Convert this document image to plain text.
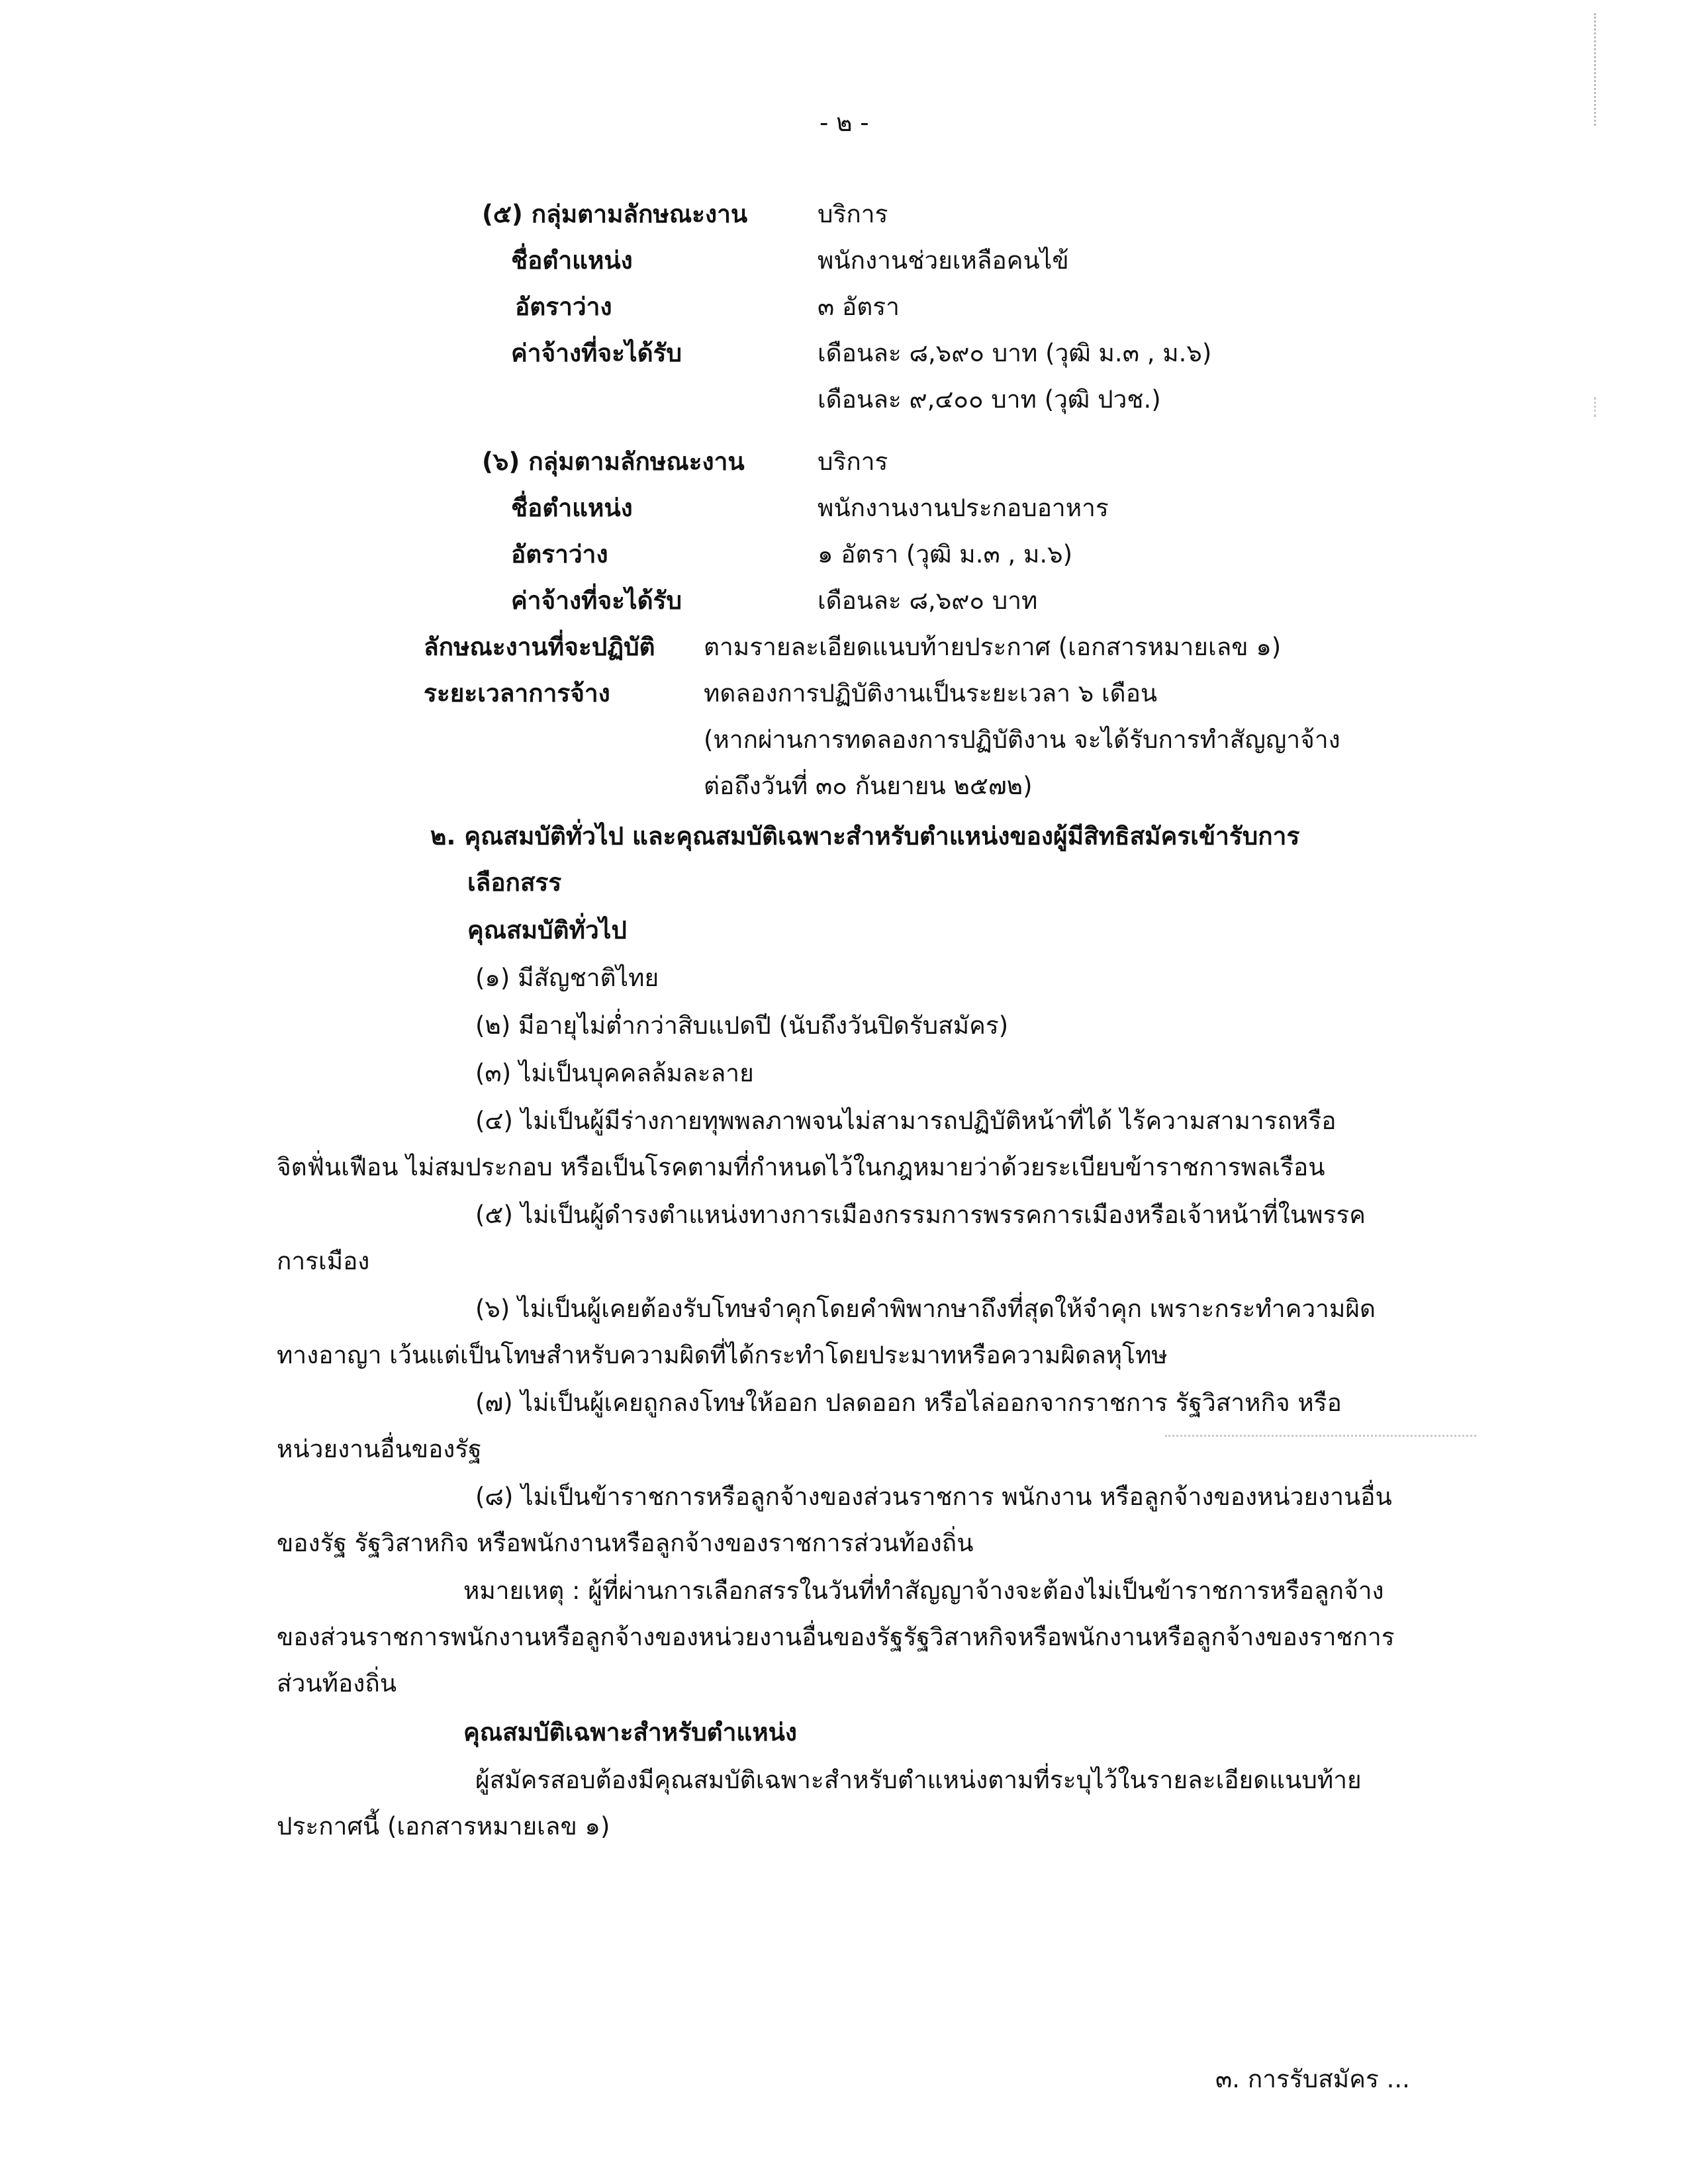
- ๒ -
(๕) กลุ่มตามลักษณะงาน	บริการ
ชื่อตำแหน่ง	พนักงานช่วยเหลือคนไข้
อัตราว่าง	๓ อัตรา
ค่าจ้างที่จะได้รับ	เดือนละ ๘,๖๙๐ บาท (วุฒิ ม.๓ , ม.๖)
เดือนละ ๙,๔๐๐ บาท (วุฒิ ปวช.)
(๖) กลุ่มตามลักษณะงาน	บริการ
ชื่อตำแหน่ง	พนักงานงานประกอบอาหาร
อัตราว่าง	๑ อัตรา (วุฒิ ม.๓ , ม.๖)
ค่าจ้างที่จะได้รับ	เดือนละ ๘,๖๙๐ บาท
ลักษณะงานที่จะปฏิบัติ ตามรายละเอียดแนบท้ายประกาศ (เอกสารหมายเลข ๑)
ระยะเวลาการจ้าง	ทดลองการปฏิบัติงานเป็นระยะเวลา ๖ เดือน
(หากผ่านการทดลองการปฏิบัติงาน จะได้รับการทำสัญญาจ้าง
ต่อถึงวันที่ ๓๐ กันยายน ๒๕๗๒)
๒. คุณสมบัติทั่วไป และคุณสมบัติเฉพาะสำหรับตำแหน่งของผู้มีสิทธิสมัครเข้ารับการ
เลือกสรร
คุณสมบัติทั่วไป
(๑) มีสัญชาติไทย
(๒) มีอายุไม่ต่ำกว่าสิบแปดปี (นับถึงวันปิดรับสมัคร)
(๓) ไม่เป็นบุคคลล้มละลาย
(๔) ไม่เป็นผู้มีร่างกายทุพพลภาพจนไม่สามารถปฏิบัติหน้าที่ได้ ไร้ความสามารถหรือ
จิตฟั่นเฟือน ไม่สมประกอบ หรือเป็นโรคตามที่กำหนดไว้ในกฎหมายว่าด้วยระเบียบข้าราชการพลเรือน
(๕) ไม่เป็นผู้ดำรงตำแหน่งทางการเมืองกรรมการพรรคการเมืองหรือเจ้าหน้าที่ในพรรค
การเมือง
(๖) ไม่เป็นผู้เคยต้องรับโทษจำคุกโดยคำพิพากษาถึงที่สุดให้จำคุก เพราะกระทำความผิด
ทางอาญา เว้นแต่เป็นโทษสำหรับความผิดที่ได้กระทำโดยประมาทหรือความผิดลหุโทษ
(๗) ไม่เป็นผู้เคยถูกลงโทษให้ออก ปลดออก หรือไล่ออกจากราชการ รัฐวิสาหกิจ หรือ
หน่วยงานอื่นของรัฐ
(๘) ไม่เป็นข้าราชการหรือลูกจ้างของส่วนราชการ พนักงาน หรือลูกจ้างของหน่วยงานอื่น
ของรัฐ รัฐวิสาหกิจ หรือพนักงานหรือลูกจ้างของราชการส่วนท้องถิ่น
หมายเหตุ : ผู้ที่ผ่านการเลือกสรรในวันที่ทำสัญญาจ้างจะต้องไม่เป็นข้าราชการหรือลูกจ้าง
ของส่วนราชการพนักงานหรือลูกจ้างของหน่วยงานอื่นของรัฐรัฐวิสาหกิจหรือพนักงานหรือลูกจ้างของราชการ
ส่วนท้องถิ่น
คุณสมบัติเฉพาะสำหรับตำแหน่ง
ผู้สมัครสอบต้องมีคุณสมบัติเฉพาะสำหรับตำแหน่งตามที่ระบุไว้ในรายละเอียดแนบท้าย
ประกาศนี้ (เอกสารหมายเลข ๑)
๓. การรับสมัคร ...
